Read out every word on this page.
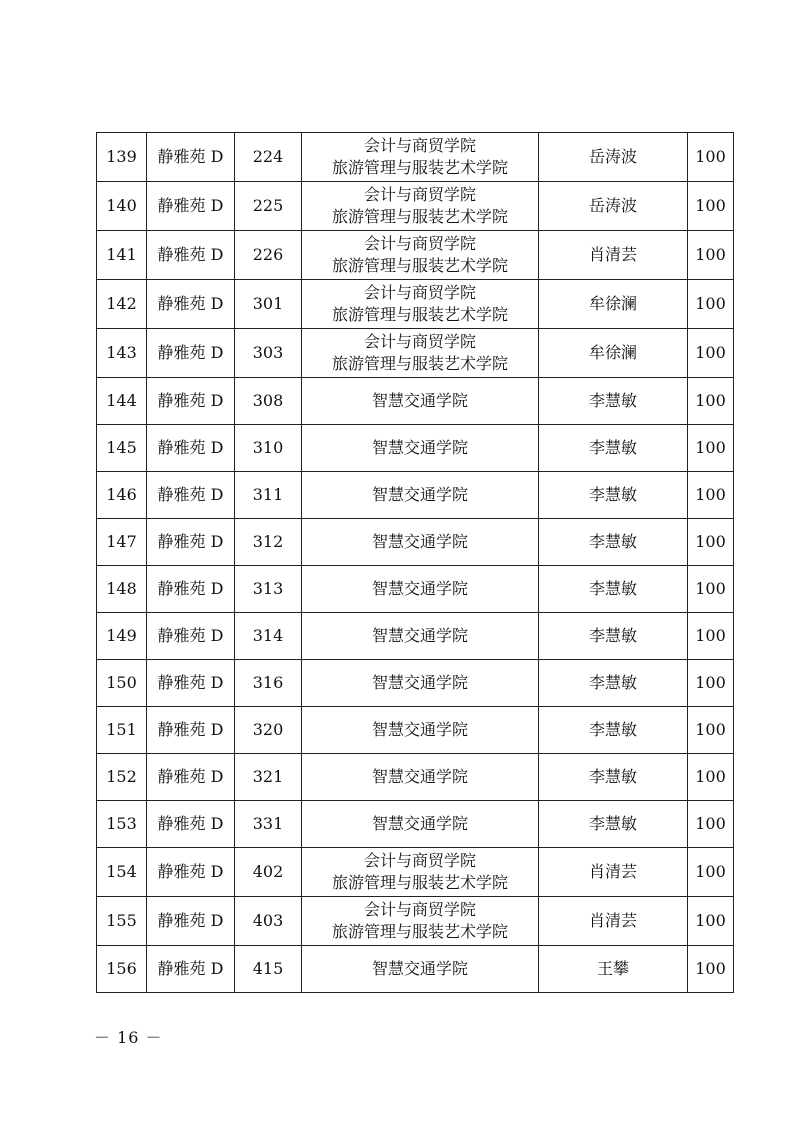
139	静雅苑 D	224	会计与商贸学院
旅游管理与服装艺术学院	岳涛波	100
140	静雅苑 D	225	会计与商贸学院
旅游管理与服装艺术学院	岳涛波	100
141	静雅苑 D	226	会计与商贸学院
旅游管理与服装艺术学院	肖清芸	100
142	静雅苑 D	301	会计与商贸学院
旅游管理与服装艺术学院	牟徐澜	100
143	静雅苑 D	303	会计与商贸学院
旅游管理与服装艺术学院	牟徐澜	100
144	静雅苑 D	308	智慧交通学院	李慧敏	100
145	静雅苑 D	310	智慧交通学院	李慧敏	100
146	静雅苑 D	311	智慧交通学院	李慧敏	100
147	静雅苑 D	312	智慧交通学院	李慧敏	100
148	静雅苑 D	313	智慧交通学院	李慧敏	100
149	静雅苑 D	314	智慧交通学院	李慧敏	100
150	静雅苑 D	316	智慧交通学院	李慧敏	100
151	静雅苑 D	320	智慧交通学院	李慧敏	100
152	静雅苑 D	321	智慧交通学院	李慧敏	100
153	静雅苑 D	331	智慧交通学院	李慧敏	100
154	静雅苑 D	402	会计与商贸学院
旅游管理与服装艺术学院	肖清芸	100
155	静雅苑 D	403	会计与商贸学院
旅游管理与服装艺术学院	肖清芸	100
156	静雅苑 D	415	智慧交通学院	王攀	100
－ 16 －
